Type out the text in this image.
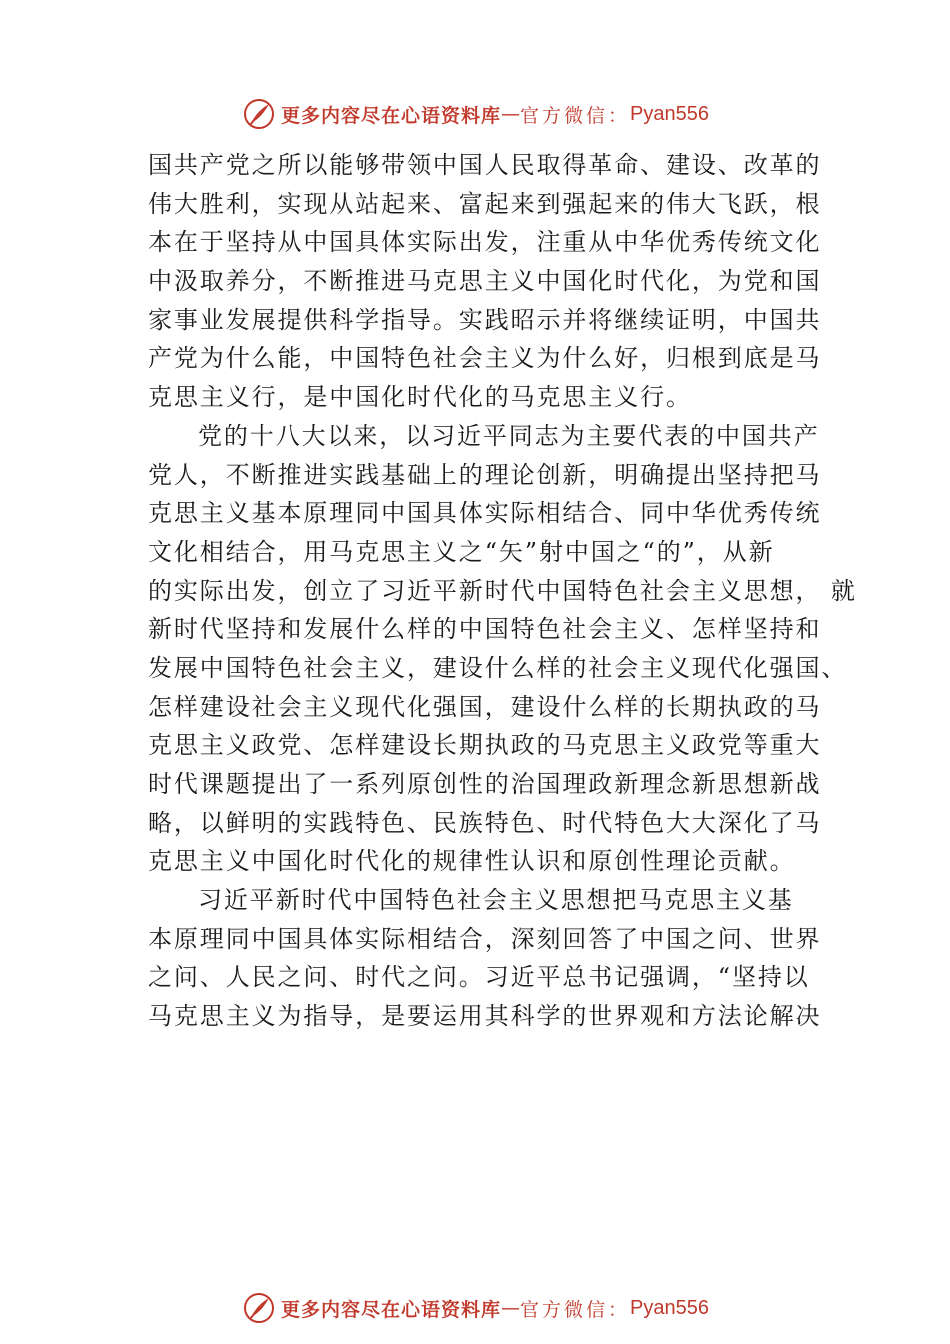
更多内容尽在心语资料库 — 官方微信： Pyan556
国共产党之所以能够带领中国人民取得革命、建设、改革的
伟大胜利，实现从站起来、富起来到强起来的伟大飞跃，根
本在于坚持从中国具体实际出发，注重从中华优秀传统文化
中汲取养分，不断推进马克思主义中国化时代化，为党和国
家事业发展提供科学指导。实践昭示并将继续证明，中国共
产党为什么能，中国特色社会主义为什么好，归根到底是马
克思主义行，是中国化时代化的马克思主义行。
党的十八大以来，以习近平同志为主要代表的中国共产
党人，不断推进实践基础上的理论创新，明确提出坚持把马
克思主义基本原理同中国具体实际相结合、同中华优秀传统
文化相结合，用马克思主义之“矢”射中国之“的”，从新
的实际出发，创立了习近平新时代中国特色社会主义思想， 就
新时代坚持和发展什么样的中国特色社会主义、怎样坚持和
发展中国特色社会主义，建设什么样的社会主义现代化强国、
怎样建设社会主义现代化强国，建设什么样的长期执政的马
克思主义政党、怎样建设长期执政的马克思主义政党等重大
时代课题提出了一系列原创性的治国理政新理念新思想新战
略，以鲜明的实践特色、民族特色、时代特色大大深化了马
克思主义中国化时代化的规律性认识和原创性理论贡献。
习近平新时代中国特色社会主义思想把马克思主义基
本原理同中国具体实际相结合，深刻回答了中国之问、世界
之问、人民之问、时代之问。习近平总书记强调，“坚持以
马克思主义为指导，是要运用其科学的世界观和方法论解决
更多内容尽在心语资料库 — 官方微信： Pyan556
